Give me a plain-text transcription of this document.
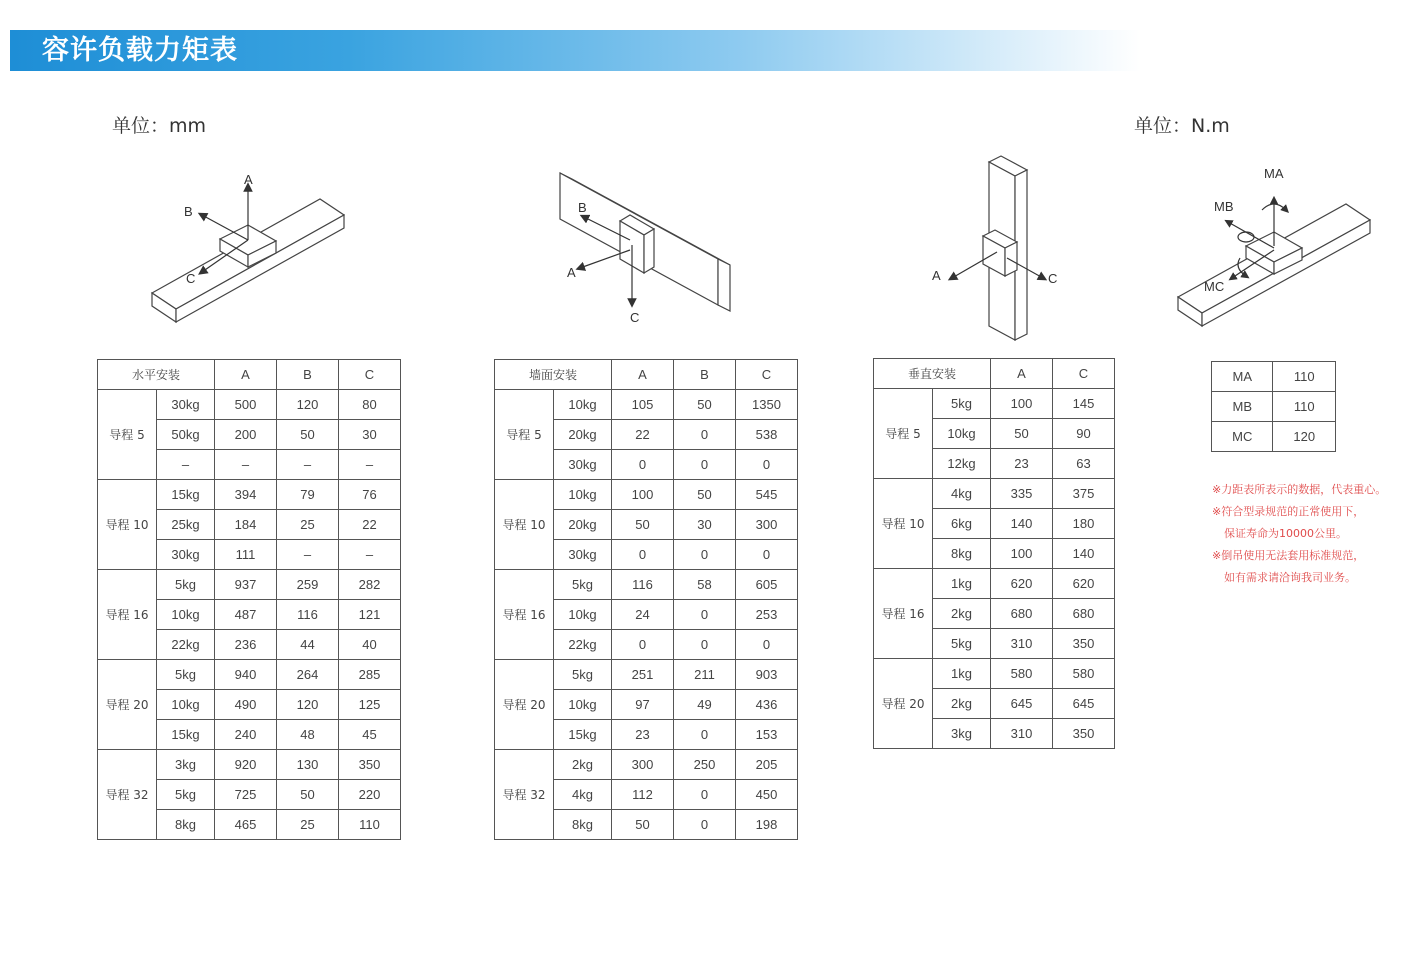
容许负载力矩表
单位：mm	单位：N.m
A
B
C
B
A
C
A	C
MA
MB
MC
水平安装		A	B	C
导程 5	30kg	500	120	80
	50kg	200	50	30
	–	–	–	–
导程 10	15kg	394	79	76
	25kg	184	25	22
	30kg	111	–	–
导程 16	5kg	937	259	282
	10kg	487	116	121
	22kg	236	44	40
导程 20	5kg	940	264	285
	10kg	490	120	125
	15kg	240	48	45
导程 32	3kg	920	130	350
	5kg	725	50	220
	8kg	465	25	110
墙面安装		A	B	C
导程 5	10kg	105	50	1350
	20kg	22	0	538
	30kg	0	0	0
导程 10	10kg	100	50	545
	20kg	50	30	300
	30kg	0	0	0
导程 16	5kg	116	58	605
	10kg	24	0	253
	22kg	0	0	0
导程 20	5kg	251	211	903
	10kg	97	49	436
	15kg	23	0	153
导程 32	2kg	300	250	205
	4kg	112	0	450
	8kg	50	0	198
垂直安装		A	C
导程 5	5kg	100	145
	10kg	50	90
	12kg	23	63
导程 10	4kg	335	375
	6kg	140	180
	8kg	100	140
导程 16	1kg	620	620
	2kg	680	680
	5kg	310	350
导程 20	1kg	580	580
	2kg	645	645
	3kg	310	350
MA	110
MB	110
MC	120
※力距表所表示的数据，代表重心。
※符合型录规范的正常使用下，
保证寿命为10000公里。
※倒吊使用无法套用标准规范，
如有需求请洽询我司业务。
